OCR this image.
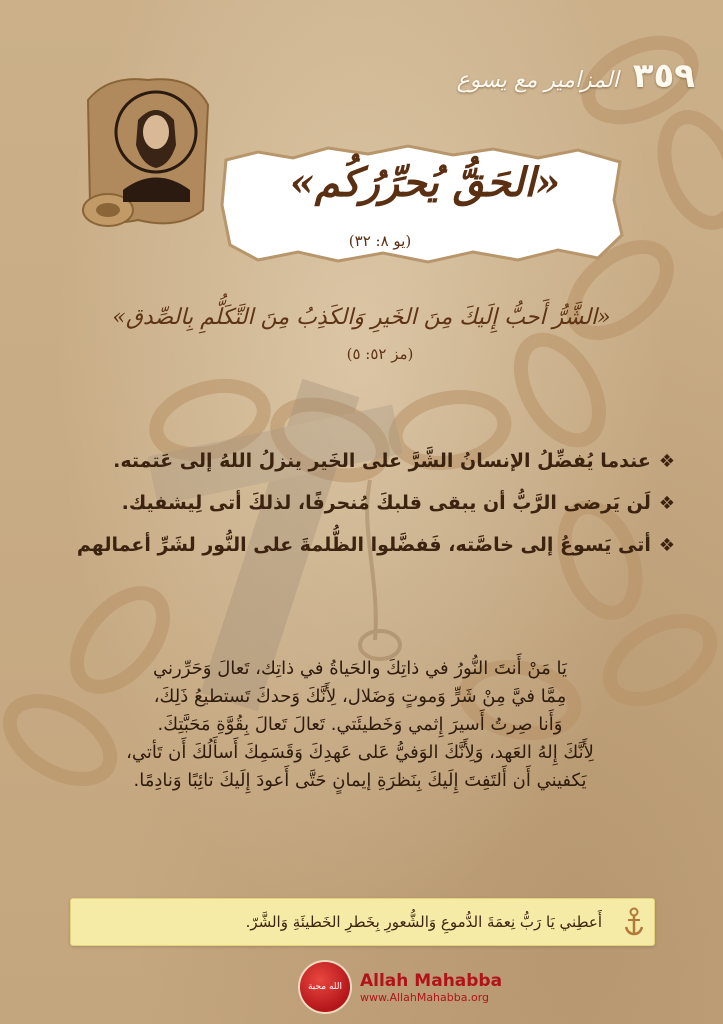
٣٥٩
المزامير مع يسوع
«الحَقُّ يُحرِّرُكُم»
(يو ٨: ٣٢)
«الشَّرُّ أَحبُّ إِلَيكَ مِنَ الخَيرِ وَالكَذِبُ مِنَ التَّكَلُّمِ بِالصِّدق»
(مز ٥٢: ٥)
❖
عندما يُفضِّلُ الإنسانُ الشَّرَّ على الخَير ينزلُ اللهُ إلى عَتمته.
❖
لَن يَرضى الرَّبُّ أن يبقى قلبكَ مُنحرفًا، لذلكَ أتى لِيشفيك.
❖
أتى يَسوعُ إلى خاصَّته، فَفضَّلوا الظُّلمةَ على النُّور لشَرِّ أعمالهم

يَا مَنْ أَنتَ النُّورُ في ذاتِكَ والحَياةُ في ذاتِك، تَعالَ وَحَرِّرني

مِمَّا فيَّ مِنْ شَرٍّ وَموتٍ وَضَلال، لِأَنَّكَ وَحدكَ تَستطيعُ ذَلِكَ،

وَأَنا صِرتُ أَسيرَ إِثمي وَخَطيئَتي. تَعالَ تَعالَ بِقُوَّةِ مَحَبَّتِكَ.

لِأَنَّكَ إِلهُ العَهد، وَلِأَنَّكَ الوَفيُّ عَلى عَهدِكَ وَقَسَمِكَ أَسأَلُكَ أَن تَأتي،

يَكفيني أَن أَلتَفِتَ إِلَيكَ بِنَظرَةِ إيمانٍ حَتَّى أَعودَ إِلَيكَ تائِبًا وَنادِمًا.

أَعطِني يَا رَبُّ نِعمَةَ الدُّموعِ وَالشُّعورِ بِخَطرِ الخَطيئَةِ وَالشَّرّ.
الله محبة	Allah Mahabba
www.AllahMahabba.org
